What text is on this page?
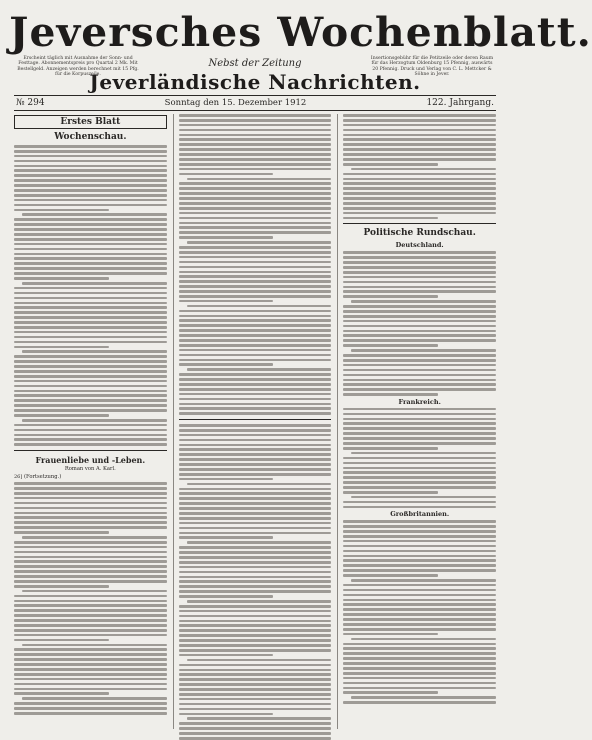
Jeversches Wochenblatt.
Erscheint täglich mit Ausnahme der Sonn- und Festtage. Abonnementspreis pro Quartal 2 Mk. Mit Bestellgeld. Anzeigen werden berechnet mit 15 Pfg. für die Korpuszeile.
Nebst der Zeitung	Insertionsgebühr für die Petitzeile oder deren Raum für das Herzogtum Oldenburg 15 Pfennig, auswärts 20 Pfennig. Druck und Verlag von C. L. Mettcker & Söhne in Jever.
Jeverländische Nachrichten.
№ 294	Sonntag den 15. Dezember 1912	122. Jahrgang.
Erstes Blatt
Wochenschau.
Frauenliebe und -Leben.
Roman von A. Karl.
26] (Fortsetzung.)
Politische Rundschau.
Deutschland.
Frankreich.
Großbritannien.
